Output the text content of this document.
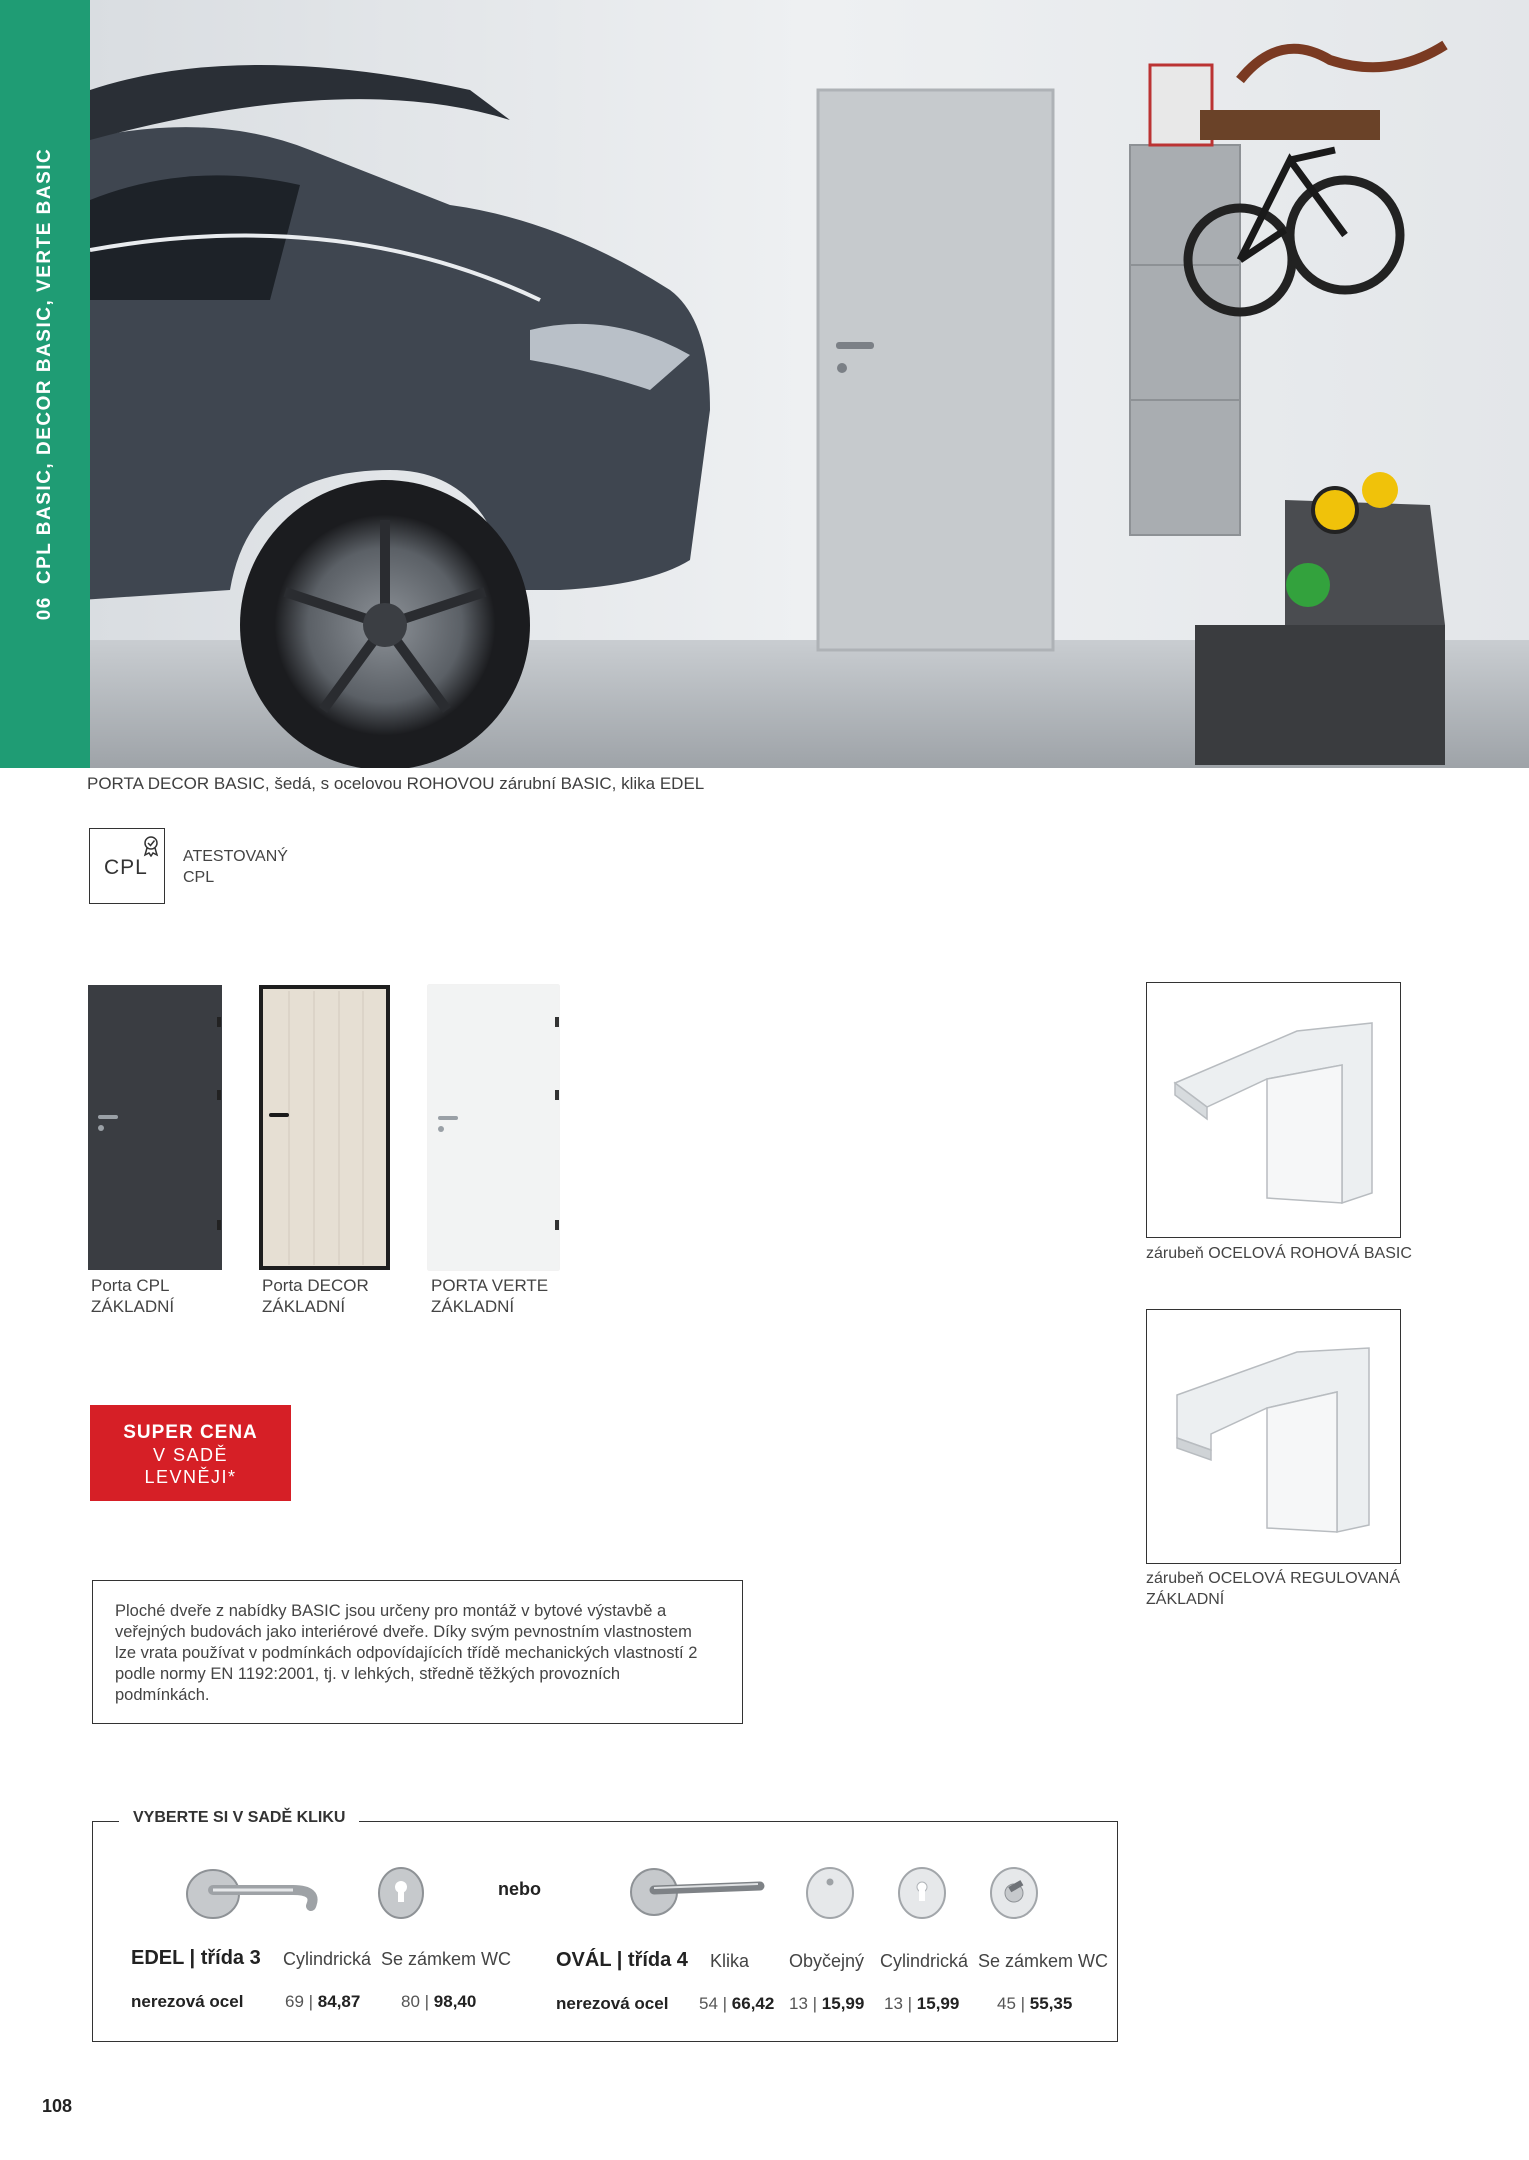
06CPL BASIC, DECOR BASIC, VERTE BASIC
PORTA DECOR BASIC, šedá, s ocelovou ROHOVOU zárubní BASIC, klika EDEL
CPL ATESTOVANÝ
CPL
Porta CPL
ZÁKLADNÍ
Porta DECOR
ZÁKLADNÍ
PORTA VERTE
ZÁKLADNÍ
zárubeň OCELOVÁ ROHOVÁ BASIC
zárubeň OCELOVÁ REGULOVANÁ
ZÁKLADNÍ
SUPER CENA
V SADĚ
LEVNĚJI*
Ploché dveře z nabídky BASIC jsou určeny pro montáž v bytové výstavbě a veřejných budovách jako interiérové dveře. Díky svým pevnostním vlastnostem lze vrata používat v podmínkách odpovídajících třídě mechanických vlastností 2 podle normy EN 1192:2001, tj. v lehkých, středně těžkých provozních podmínkách.
VYBERTE SI V SADĚ KLIKU
nebo
EDEL | třída 3 Cylindrická Se zámkem WC
nerezová ocel 69 | 84,87 80 | 98,40
OVÁL | třída 4 Klika Obyčejný Cylindrická Se zámkem WC
nerezová ocel 54 | 66,42 13 | 15,99 13 | 15,99 45 | 55,35
108
